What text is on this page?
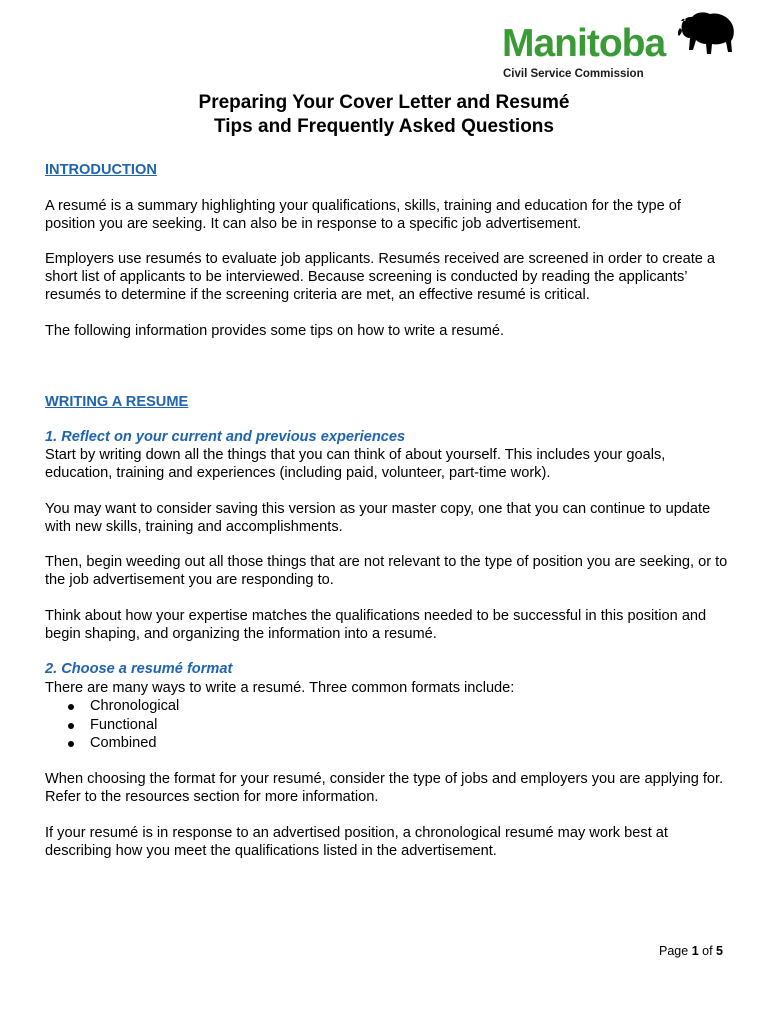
Manitoba
Civil Service Commission
Preparing Your Cover Letter and Resumé
Tips and Frequently Asked Questions
INTRODUCTION

A resumé is a summary highlighting your qualifications, skills, training and education for the type of position you are seeking. It can also be in response to a specific job advertisement.

Employers use resumés to evaluate job applicants. Resumés received are screened in order to create a short list of applicants to be interviewed. Because screening is conducted by reading the applicants’ resumés to determine if the screening criteria are met, an effective resumé is critical.

The following information provides some tips on how to write a resumé.

WRITING A RESUME
1. Reflect on your current and previous experiences

Start by writing down all the things that you can think of about yourself. This includes your goals, education, training and experiences (including paid, volunteer, part-time work).

You may want to consider saving this version as your master copy, one that you can continue to update with new skills, training and accomplishments.

Then, begin weeding out all those things that are not relevant to the type of position you are seeking, or to the job advertisement you are responding to.

Think about how your expertise matches the qualifications needed to be successful in this position and begin shaping, and organizing the information into a resumé.

2. Choose a resumé format

There are many ways to write a resumé. Three common formats include:

Chronological
Functional
Combined

When choosing the format for your resumé, consider the type of jobs and employers you are applying for. Refer to the resources section for more information.

If your resumé is in response to an advertised position, a chronological resumé may work best at describing how you meet the qualifications listed in the advertisement.

Page 1 of 5
